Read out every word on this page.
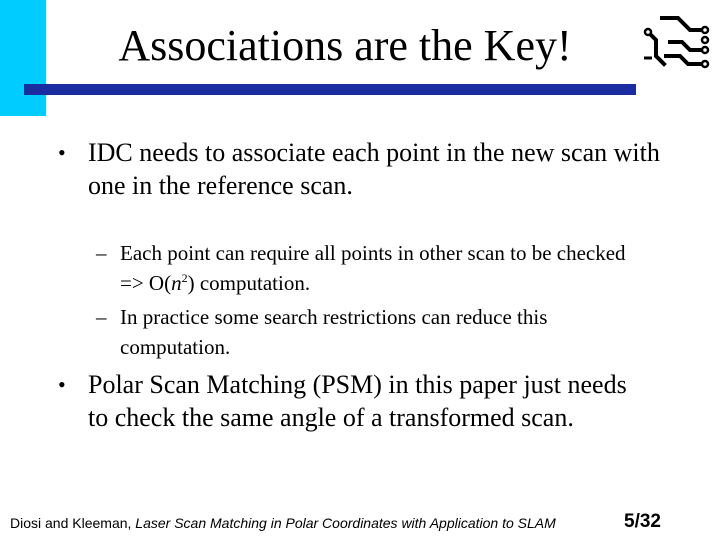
Associations are the Key!
• IDC needs to associate each point in the new scan with one in the reference scan.
– Each point can require all points in other scan to be checked => $O(n^2)$ computation.
– In practice some search restrictions can reduce this computation.
• Polar Scan Matching (PSM) in this paper just needs to check the same angle of a transformed scan.
Diosi and Kleeman, Laser Scan Matching in Polar Coordinates with Application to SLAM	5/32
